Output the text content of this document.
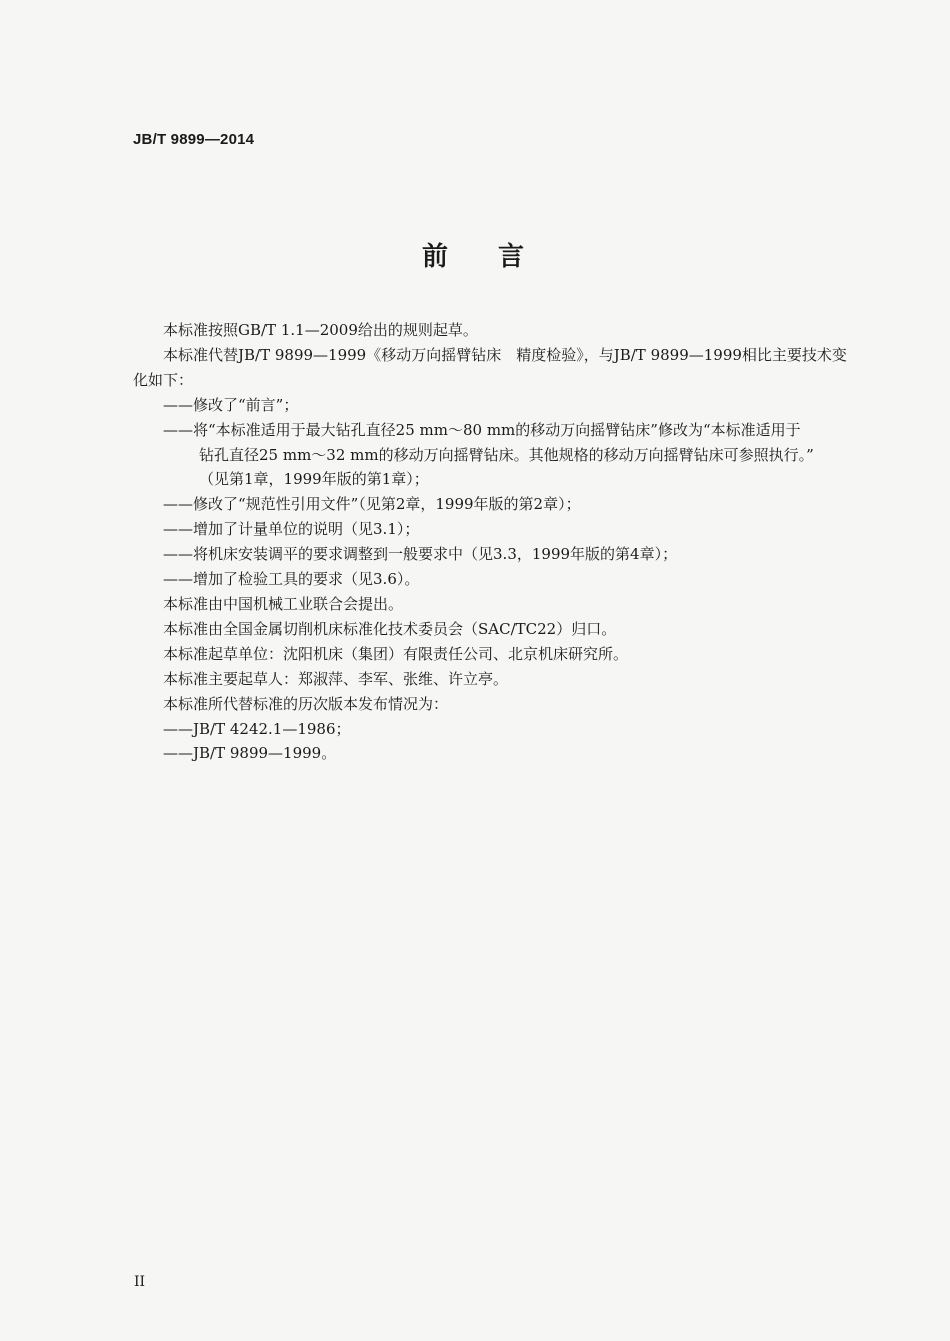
JB/T 9899—2014
前言
本标准按照GB/T 1.1—2009给出的规则起草。
本标准代替JB/T 9899—1999《移动万向摇臂钻床　精度检验》，与JB/T 9899—1999相比主要技术变
化如下：
——修改了“前言”；
——将“本标准适用于最大钻孔直径25 mm～80 mm的移动万向摇臂钻床”修改为“本标准适用于
钻孔直径25 mm～32 mm的移动万向摇臂钻床。其他规格的移动万向摇臂钻床可参照执行。”
（见第1章，1999年版的第1章）；
——修改了“规范性引用文件”（见第2章，1999年版的第2章）；
——增加了计量单位的说明（见3.1）；
——将机床安装调平的要求调整到一般要求中（见3.3，1999年版的第4章）；
——增加了检验工具的要求（见3.6）。
本标准由中国机械工业联合会提出。
本标准由全国金属切削机床标准化技术委员会（SAC/TC22）归口。
本标准起草单位：沈阳机床（集团）有限责任公司、北京机床研究所。
本标准主要起草人：郑淑萍、李军、张维、许立亭。
本标准所代替标准的历次版本发布情况为：
——JB/T 4242.1—1986；
——JB/T 9899—1999。
II
